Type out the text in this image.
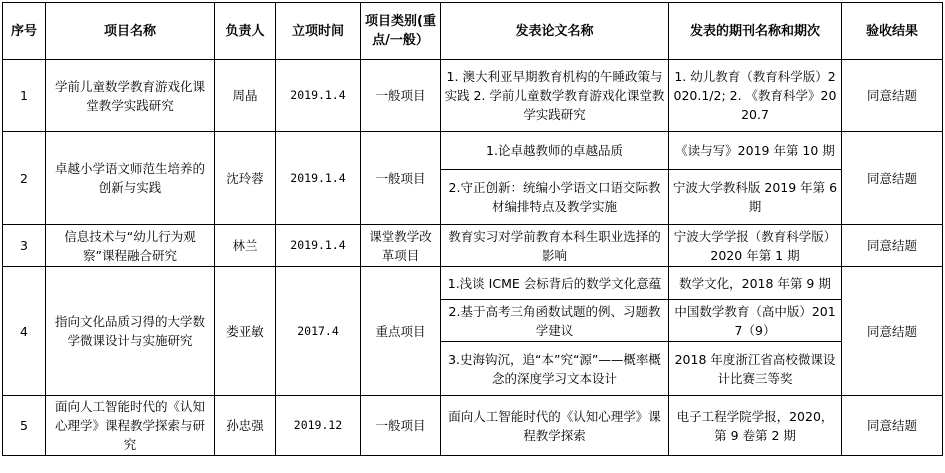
序号	项目名称	负责人	立项时间	项目类别(重点/一般）	发表论文名称	发表的期刊名称和期次	验收结果
1	学前儿童数学教育游戏化课堂教学实践研究	周晶	2019.1.4	一般项目	1. 澳大利亚早期教育机构的午睡政策与实践 2. 学前儿童数学教育游戏化课堂教学实践研究	1. 幼儿教育（教育科学版）2020.1/2; 2. 《教育科学》2020.7	同意结题
2	卓越小学语文师范生培养的创新与实践	沈玲蓉	2019.1.4	一般项目	1.论卓越教师的卓越品质	《读与写》2019 年第 10 期	同意结题
					2.守正创新：统编小学语文口语交际教材编排特点及教学实施	宁波大学教科版 2019 年第 6 期	
3	信息技术与“幼儿行为观察”课程融合研究	林兰	2019.1.4	课堂教学改革项目	教育实习对学前教育本科生职业选择的影响	宁波大学学报（教育科学版）2020 年第 1 期	同意结题
4	指向文化品质习得的大学数学微课设计与实施研究	娄亚敏	2017.4	重点项目	1.浅谈 ICME 会标背后的数学文化意蕴	数学文化，2018 年第 9 期	同意结题
					2.基于高考三角函数试题的例、习题教学建议	中国数学教育（高中版）2017（9）	
					3.史海钩沉，追“本”究“源”——概率概念的深度学习文本设计	2018 年度浙江省高校微课设计比赛三等奖	
5	面向人工智能时代的《认知心理学》课程教学探索与研究	孙忠强	2019.12	一般项目	面向人工智能时代的《认知心理学》课程教学探索	电子工程学院学报，2020，第 9 卷第 2 期	同意结题
